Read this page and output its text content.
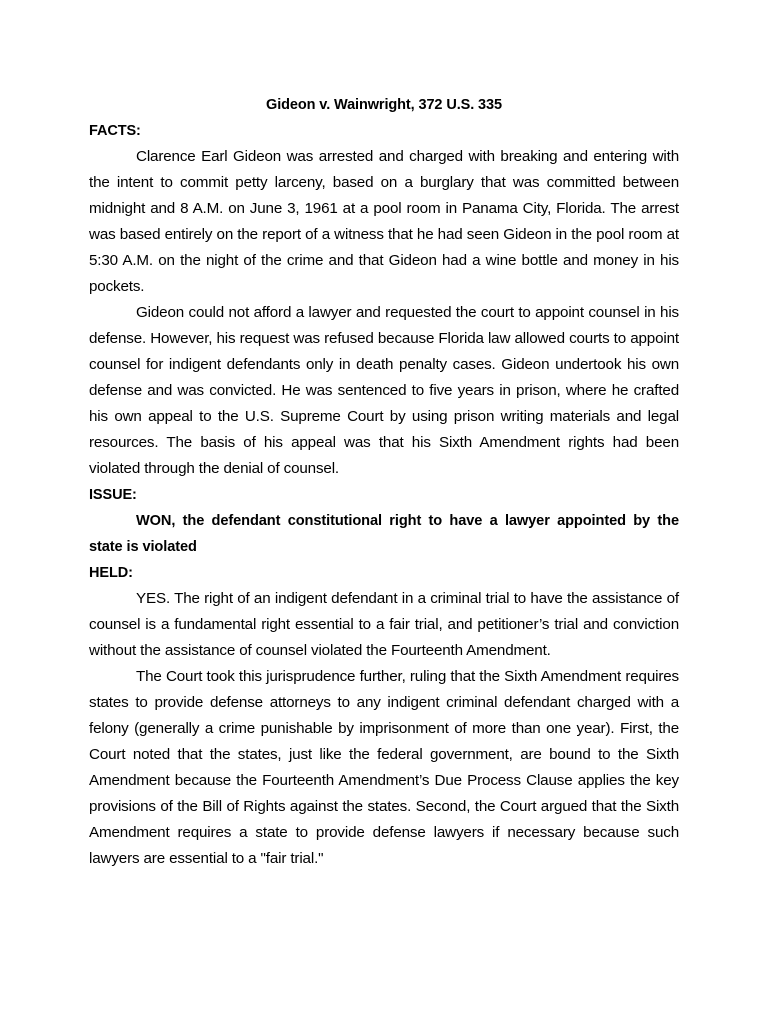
Gideon v. Wainwright, 372 U.S. 335
FACTS:

Clarence Earl Gideon was arrested and charged with breaking and entering with the intent to commit petty larceny, based on a burglary that was committed between midnight and 8 A.M. on June 3, 1961 at a pool room in Panama City, Florida. The arrest was based entirely on the report of a witness that he had seen Gideon in the pool room at 5:30 A.M. on the night of the crime and that Gideon had a wine bottle and money in his pockets.

Gideon could not afford a lawyer and requested the court to appoint counsel in his defense. However, his request was refused because Florida law allowed courts to appoint counsel for indigent defendants only in death penalty cases. Gideon undertook his own defense and was convicted. He was sentenced to five years in prison, where he crafted his own appeal to the U.S. Supreme Court by using prison writing materials and legal resources. The basis of his appeal was that his Sixth Amendment rights had been violated through the denial of counsel.

ISSUE:

WON, the defendant constitutional right to have a lawyer appointed by the state is violated

HELD:

YES. The right of an indigent defendant in a criminal trial to have the assistance of counsel is a fundamental right essential to a fair trial, and petitioner’s trial and conviction without the assistance of counsel violated the Fourteenth Amendment.

The Court took this jurisprudence further, ruling that the Sixth Amendment requires states to provide defense attorneys to any indigent criminal defendant charged with a felony (generally a crime punishable by imprisonment of more than one year). First, the Court noted that the states, just like the federal government, are bound to the Sixth Amendment because the Fourteenth Amendment’s Due Process Clause applies the key provisions of the Bill of Rights against the states. Second, the Court argued that the Sixth Amendment requires a state to provide defense lawyers if necessary because such lawyers are essential to a "fair trial."
